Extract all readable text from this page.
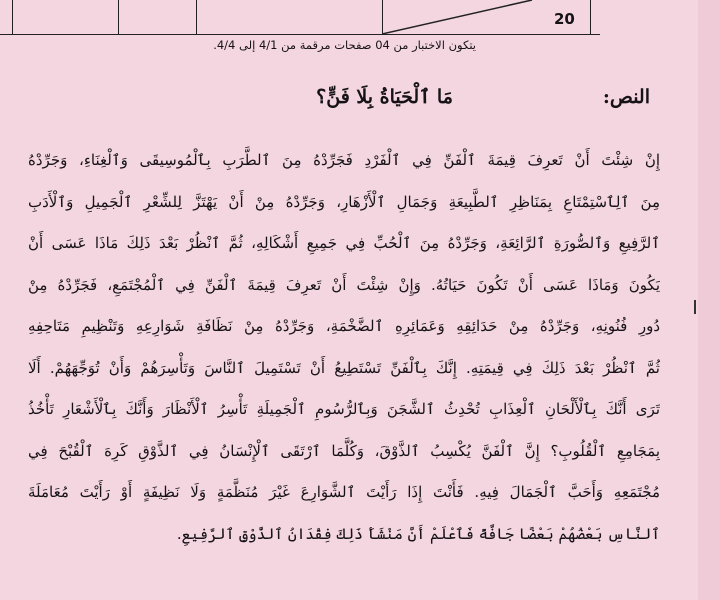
20
يتكون الاختبار من 04 صفحات مرقمة من 4/1 إلى 4/4.
النص:مَا ٱلْحَيَاةُ بِلَا فَنٍّ؟
إِنْ شِئْتَ أَنْ تَعرِفَ قِيمَةَ ٱلْفَنِّ فِي ٱلْفَرْدِ فَجَرِّدْهُ مِنَ ٱلطَّرَبِ بِٱلْمُوسِيقَى وَٱلْغِنَاءِ، وَجَرِّدْهُ
مِنَ ٱلِٱسْتِمْتَاعِ بِمَنَاظِرِ ٱلطَّبِيعَةِ وَجَمَالِ ٱلْأَزْهَارِ، وَجَرِّدْهُ مِنْ أَنْ يَهْتَزَّ لِلشِّعْرِ ٱلْجَمِيلِ وَٱلْأَدَبِ
ٱلرَّفِيعِ وَٱلصُّورَةِ ٱلرَّائِعَةِ، وَجَرِّدْهُ مِنَ ٱلْحُبِّ فِي جَمِيعِ أَشْكَالِهِ، ثُمَّ ٱنْظُرْ بَعْدَ ذَلِكَ مَاذَا عَسَى أَنْ
يَكُونَ وَمَاذَا عَسَى أَنْ تَكُونَ حَيَاتُهُ. وَإِنْ شِئْتَ أَنْ تَعرِفَ قِيمَةَ ٱلْفَنِّ فِي ٱلْمُجْتَمَعِ، فَجَرِّدْهُ مِنْ
دُورِ فُنُونِهِ، وَجَرِّدْهُ مِنْ حَدَائِقِهِ وَعَمَائِرِهِ ٱلضَّخْمَةِ، وَجَرِّدْهُ مِنْ نَظَافَةِ شَوَارِعِهِ وَتَنْظِيمِ مَتَاحِفِهِ
ثُمَّ ٱنْظُرْ بَعْدَ ذَلِكَ فِي قِيمَتِهِ. إِنَّكَ بِٱلْفَنِّ تَسْتَطِيعُ أَنْ تَسْتَمِيلَ ٱلنَّاسَ وَتَأْسِرَهُمْ وَأَنْ تُوَجِّهَهُمْ. أَلَا
تَرَى أَنَّكَ بِٱلْأَلْحَانِ ٱلْعِذَابِ تُحْدِثُ ٱلشَّجَنَ وَبِٱلرُّسُومِ ٱلْجَمِيلَةِ تَأْسِرُ ٱلْأَنْظَارَ وَأَنَّكَ بِٱلْأَشْعَارِ تَأْخُذُ
بِمَجَامِعِ ٱلْقُلُوبِ؟ إِنَّ ٱلْفَنَّ يُكْسِبُ ٱلذَّوْقَ، وَكُلَّمَا ٱرْتَقَى ٱلْإِنْسَانُ فِي ٱلذَّوْقِ كَرِهَ ٱلْقُبْحَ فِي
مُجْتَمَعِهِ وَأَحَبَّ ٱلْجَمَالَ فِيهِ. فَأَنْتَ إِذَا رَأَيْتَ ٱلشَّوَارِعَ غَيْرَ مُنَظَّمَةٍ وَلَا نَظِيفَةٍ أَوْ رَأَيْتَ مُعَامَلَةَ
ٱلنَّاسِ بَعْضُهُمْ بَعْضًا جَافَّةً فَٱعْلَمْ أَنَّ مَنْشَأَ ذَلِكَ فِقْدَانُ ٱلذَّوْقِ ٱلرَّفِيعِ.
